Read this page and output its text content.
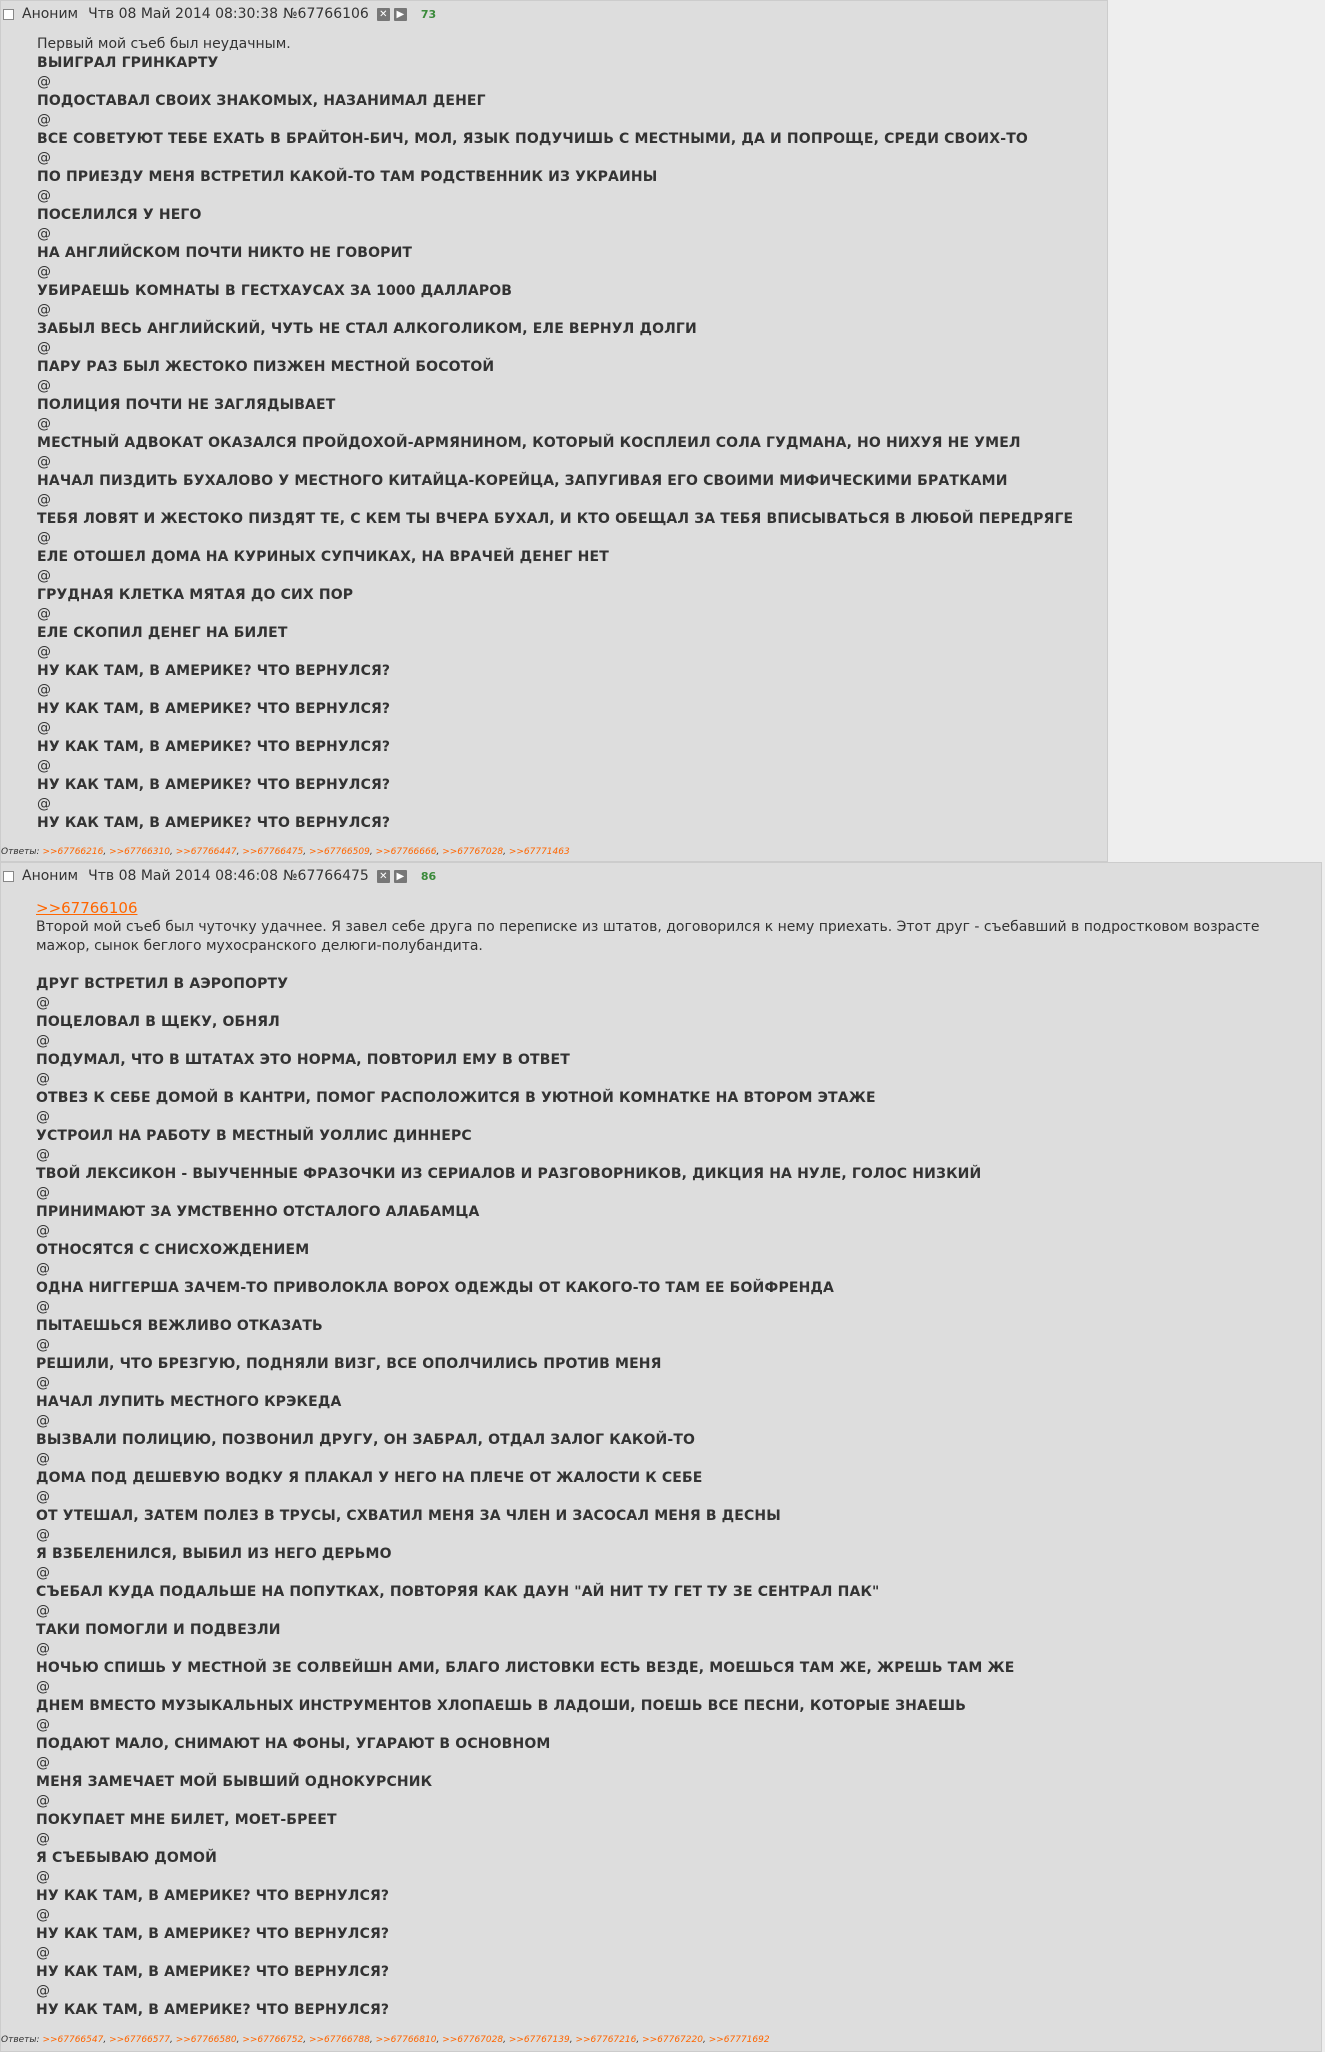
Аноним Чтв 08 Май 2014 08:30:38 №67766106 ✕ ▶ 73
Первый мой съеб был неудачным.
ВЫИГРАЛ ГРИНКАРТУ
@
ПОДОСТАВАЛ СВОИХ ЗНАКОМЫХ, НАЗАНИМАЛ ДЕНЕГ
@
ВСЕ СОВЕТУЮТ ТЕБЕ ЕХАТЬ В БРАЙТОН-БИЧ, МОЛ, ЯЗЫК ПОДУЧИШЬ С МЕСТНЫМИ, ДА И ПОПРОЩЕ, СРЕДИ СВОИХ-ТО
@
ПО ПРИЕЗДУ МЕНЯ ВСТРЕТИЛ КАКОЙ-ТО ТАМ РОДСТВЕННИК ИЗ УКРАИНЫ
@
ПОСЕЛИЛСЯ У НЕГО
@
НА АНГЛИЙСКОМ ПОЧТИ НИКТО НЕ ГОВОРИТ
@
УБИРАЕШЬ КОМНАТЫ В ГЕСТХАУСАХ ЗА 1000 ДАЛЛАРОВ
@
ЗАБЫЛ ВЕСЬ АНГЛИЙСКИЙ, ЧУТЬ НЕ СТАЛ АЛКОГОЛИКОМ, ЕЛЕ ВЕРНУЛ ДОЛГИ
@
ПАРУ РАЗ БЫЛ ЖЕСТОКО ПИЗЖЕН МЕСТНОЙ БОСОТОЙ
@
ПОЛИЦИЯ ПОЧТИ НЕ ЗАГЛЯДЫВАЕТ
@
МЕСТНЫЙ АДВОКАТ ОКАЗАЛСЯ ПРОЙДОХОЙ-АРМЯНИНОМ, КОТОРЫЙ КОСПЛЕИЛ СОЛА ГУДМАНА, НО НИХУЯ НЕ УМЕЛ
@
НАЧАЛ ПИЗДИТЬ БУХАЛОВО У МЕСТНОГО КИТАЙЦА-КОРЕЙЦА, ЗАПУГИВАЯ ЕГО СВОИМИ МИФИЧЕСКИМИ БРАТКАМИ
@
ТЕБЯ ЛОВЯТ И ЖЕСТОКО ПИЗДЯТ ТЕ, С КЕМ ТЫ ВЧЕРА БУХАЛ, И КТО ОБЕЩАЛ ЗА ТЕБЯ ВПИСЫВАТЬСЯ В ЛЮБОЙ ПЕРЕДРЯГЕ
@
ЕЛЕ ОТОШЕЛ ДОМА НА КУРИНЫХ СУПЧИКАХ, НА ВРАЧЕЙ ДЕНЕГ НЕТ
@
ГРУДНАЯ КЛЕТКА МЯТАЯ ДО СИХ ПОР
@
ЕЛЕ СКОПИЛ ДЕНЕГ НА БИЛЕТ
@
НУ КАК ТАМ, В АМЕРИКЕ? ЧТО ВЕРНУЛСЯ?
@
НУ КАК ТАМ, В АМЕРИКЕ? ЧТО ВЕРНУЛСЯ?
@
НУ КАК ТАМ, В АМЕРИКЕ? ЧТО ВЕРНУЛСЯ?
@
НУ КАК ТАМ, В АМЕРИКЕ? ЧТО ВЕРНУЛСЯ?
@
НУ КАК ТАМ, В АМЕРИКЕ? ЧТО ВЕРНУЛСЯ?
Ответы: >>67766216, >>67766310, >>67766447, >>67766475, >>67766509, >>67766666, >>67767028, >>67771463
Аноним Чтв 08 Май 2014 08:46:08 №67766475 ✕ ▶ 86
>>67766106
Второй мой съеб был чуточку удачнее. Я завел себе друга по переписке из штатов, договорился к нему приехать. Этот друг - съебавший в подростковом возрасте мажор, сынок беглого мухосранского делюги-полубандита.
ДРУГ ВСТРЕТИЛ В АЭРОПОРТУ
@
ПОЦЕЛОВАЛ В ЩЕКУ, ОБНЯЛ
@
ПОДУМАЛ, ЧТО В ШТАТАХ ЭТО НОРМА, ПОВТОРИЛ ЕМУ В ОТВЕТ
@
ОТВЕЗ К СЕБЕ ДОМОЙ В КАНТРИ, ПОМОГ РАСПОЛОЖИТСЯ В УЮТНОЙ КОМНАТКЕ НА ВТОРОМ ЭТАЖЕ
@
УСТРОИЛ НА РАБОТУ В МЕСТНЫЙ УОЛЛИС ДИННЕРС
@
ТВОЙ ЛЕКСИКОН - ВЫУЧЕННЫЕ ФРАЗОЧКИ ИЗ СЕРИАЛОВ И РАЗГОВОРНИКОВ, ДИКЦИЯ НА НУЛЕ, ГОЛОС НИЗКИЙ
@
ПРИНИМАЮТ ЗА УМСТВЕННО ОТСТАЛОГО АЛАБАМЦА
@
ОТНОСЯТСЯ С СНИСХОЖДЕНИЕМ
@
ОДНА НИГГЕРША ЗАЧЕМ-ТО ПРИВОЛОКЛА ВОРОХ ОДЕЖДЫ ОТ КАКОГО-ТО ТАМ ЕЕ БОЙФРЕНДА
@
ПЫТАЕШЬСЯ ВЕЖЛИВО ОТКАЗАТЬ
@
РЕШИЛИ, ЧТО БРЕЗГУЮ, ПОДНЯЛИ ВИЗГ, ВСЕ ОПОЛЧИЛИСЬ ПРОТИВ МЕНЯ
@
НАЧАЛ ЛУПИТЬ МЕСТНОГО КРЭКЕДА
@
ВЫЗВАЛИ ПОЛИЦИЮ, ПОЗВОНИЛ ДРУГУ, ОН ЗАБРАЛ, ОТДАЛ ЗАЛОГ КАКОЙ-ТО
@
ДОМА ПОД ДЕШЕВУЮ ВОДКУ Я ПЛАКАЛ У НЕГО НА ПЛЕЧЕ ОТ ЖАЛОСТИ К СЕБЕ
@
ОТ УТЕШАЛ, ЗАТЕМ ПОЛЕЗ В ТРУСЫ, СХВАТИЛ МЕНЯ ЗА ЧЛЕН И ЗАСОСАЛ МЕНЯ В ДЕСНЫ
@
Я ВЗБЕЛЕНИЛСЯ, ВЫБИЛ ИЗ НЕГО ДЕРЬМО
@
СЪЕБАЛ КУДА ПОДАЛЬШЕ НА ПОПУТКАХ, ПОВТОРЯЯ КАК ДАУН "АЙ НИТ ТУ ГЕТ ТУ ЗЕ СЕНТРАЛ ПАК"
@
ТАКИ ПОМОГЛИ И ПОДВЕЗЛИ
@
НОЧЬЮ СПИШЬ У МЕСТНОЙ ЗЕ СОЛВЕЙШН АМИ, БЛАГО ЛИСТОВКИ ЕСТЬ ВЕЗДЕ, МОЕШЬСЯ ТАМ ЖЕ, ЖРЕШЬ ТАМ ЖЕ
@
ДНЕМ ВМЕСТО МУЗЫКАЛЬНЫХ ИНСТРУМЕНТОВ ХЛОПАЕШЬ В ЛАДОШИ, ПОЕШЬ ВСЕ ПЕСНИ, КОТОРЫЕ ЗНАЕШЬ
@
ПОДАЮТ МАЛО, СНИМАЮТ НА ФОНЫ, УГАРАЮТ В ОСНОВНОМ
@
МЕНЯ ЗАМЕЧАЕТ МОЙ БЫВШИЙ ОДНОКУРСНИК
@
ПОКУПАЕТ МНЕ БИЛЕТ, МОЕТ-БРЕЕТ
@
Я СЪЕБЫВАЮ ДОМОЙ
@
НУ КАК ТАМ, В АМЕРИКЕ? ЧТО ВЕРНУЛСЯ?
@
НУ КАК ТАМ, В АМЕРИКЕ? ЧТО ВЕРНУЛСЯ?
@
НУ КАК ТАМ, В АМЕРИКЕ? ЧТО ВЕРНУЛСЯ?
@
НУ КАК ТАМ, В АМЕРИКЕ? ЧТО ВЕРНУЛСЯ?
Ответы: >>67766547, >>67766577, >>67766580, >>67766752, >>67766788, >>67766810, >>67767028, >>67767139, >>67767216, >>67767220, >>67771692
